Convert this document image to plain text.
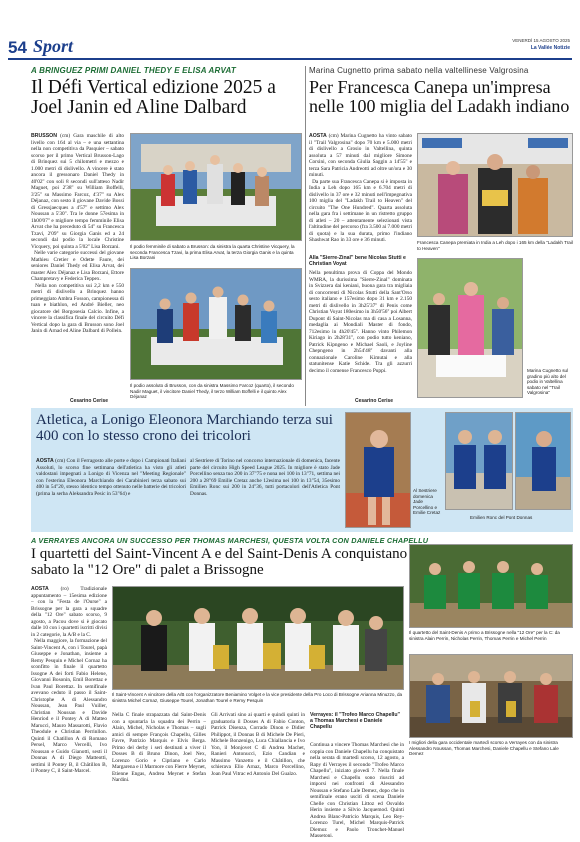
54 Sport	VENERDÌ 15 AGOSTO 2025
La Vallée Notizie
A BRINGUEZ PRIMI DANIEL THEDY E ELISA ARVAT
Il Défi Vertical edizione 2025 a Joel Janin ed Aline Dalbard
BRUSSON (cm) Gara maschile di alto livello con 164 al via – e una settantina nella non competitiva da Pasquier – sabato scorso per il primo Vertical Brusson-Lago di Brinquez sui 5 chilometri e mezzo e 1.000 metri di dislivello. A vincere è stato ancora il gressonaro Daniel Thedy in 40'02'' con soli 8 secondi sull'atteso Nadir Maguet, poi 2'38'' su William Boffelli, 3'25'' su Massimo Farcoz, 4'37'' su Alex Déjanaz, con sesto il giovane Davide Bossi di Gressjaecques a 4'57'' e settimo Alex Noussan a 5'30''. Tra le donne 57esima in 1h00'07'' e migliore tempo femminile Elisa Arvat che ha preceduto di 54'' su Francesca Tzavi, 2'09'' su Giorgia Ganis ed a 24 secondi dal podio la locale Christine Vicquery, poi quinta a 5'02'' Lisa Borzani.
Nelle varie categorie successi del giovane Mathieu Cretier e Odette Faure, dei seniores Daniel Thedy ed Elisa Arvat, dei master Alex Déjanaz e Lisa Borzani, Ettore Champretavy e Federica Teppex.
Nella non competitiva sui 2,2 km e 550 metri di dislivello a Brinquez hanno primeggiato Ambra Fosson, campionessa di tuan e biathlon, ed André Bieller, neo giocatore del Borgosesia Calcio. Infine, a vincere la classifica finale del circuito Défi Vertical dopo la gara di Brusson sono Joel Janin di Arnad ed Aline Dalbard di Pollein.
Cesarino Cerise
Il podio femminile di sabato a Brusson: da sinistra la quarta Christine Vicquery, la seconda Francesca Tzavi, la prima Elisa Arvat, la terza Giorgia Ganis e la quinta Lisa Borzani
Il podio assoluto di Brusson, con da sinistra Massimo Farcoz (quarto), il secondo Nadir Maguet, il vincitore Daniel Thedy, il terzo William Boffelli e il quinto Alex Déjanaz
Marina Cugnetto prima sabato nella valtellinese Valgrosina
Per Francesca Canepa un'impresa nelle 100 miglia del Ladakh indiano
AOSTA (cm) Marina Cugnetto ha vinto sabato il "Trail Valgrosina" dopo 70 km e 5.000 metri di dislivello a Grosio in Valtellina, quinta assoluta a 57 minuti dal migliore Simone Corsini, con seconda Giulia Saggin a 14'55'' e terza Sara Patricia Andreotti ad oltre un'ora e 30 minuti.
Da parte sua Francesca Canepa si è imposta in India a Leh dopo 165 km e 6.704 metri di dislivello in 37 ore e 32 minuti nell'impegnativa 100 miglia del "Ladakh Trail to Heaven" del circuito "The One Hundred". Quarta assoluta nella gara fra i settimane in un ristretto gruppo di atleti – 20 – attentamente selezionati vista l'altitudine del percorso (fra 3.500 ai 7.000 metri di quota) e la sua durata, primo l'indiano Shashwat Rao in 33 ore e 36 minuti.
Alla "Sierre-Zinal" bene Nicolas Stutti e Christian Voyat
Nella penultima prova di Coppa del Mondo WMRA, la durissima "Sierre-Zinal" dominata in Svizzera dai keniani, buona gara tra migliaia di concorrenti di Nicolas Stutti della Sant'Orso sesto italiano e 157esimo dopo 31 km e 2.150 metri di dislivello in 3h25'37'' di Penis come Christian Voyat 180esimo in 3h50'56'' poi Albert Dupont di Saint-Nicolas ma di casa a Losanna, medaglia ai Mondiali Master di fondo, 712esimo in 4h20'45''. Hanno vinto Philemon Kiriago in 2h28'31'', con podio tutto keniano, Patrick Kipngeno e Michael Saoli, e Joyline Chepngeno in 2h54'48'' davanti alla connazionale Caroline Kimutai e alla statunitense Katie Schide. Tra gli azzurri decimo il comense Francesco Puppi.
Cesarino Cerise
Francesca Canepa premiata in India a Leh dopo i 165 km della "Ladakh Trail to Heaven"
Marina Cugnetto sul gradino più alto del podio in Valtellina sabato nel "Trail Valgrosina"
Atletica, a Lonigo Eleonora Marchiando terza sui 400 con lo stesso crono dei tricolori
AOSTA (cm) Con il Ferragosto alle porte e dopo i Campionati Italiani Assoluti, lo scorso fine settimana dell'atletica ha visto gli atleti valdostani impegnati a Lonigo di Vicenza nel "Meeting Regionale" con l'esterina Eleonora Marchiando dei Carabinieri terza sabato sui 400 in 54"20, stesso identico tempo ottenuto nelle batterie dei tricolori (prima la serba Aleksandra Pesic in 53"64) e
al Sestriere di Torino nel concorso internazionale di domenica, facente parte del circuito High Speed League 2025. In migliore è stato Jade Porcellino senza tuo 200 in 37"75 e nona nei 100 in 13"71, settima nei 200 a 28"69 Emilie Cretaz anche 12esima nei 100 in 13"54, 35esimo Emilien Ronc sui 200 in 24"36, tutti portacolori dell'Atletica Pont Donnas.	Al Sestriere domenica Jade Porcellino e Emilie Cretaz
Emilien Ronc del Pont Donnas
A VERRAYES ANCORA UN SUCCESSO PER THOMAS MARCHESI, QUESTA VOLTA CON DANIELE CHAPELLU
I quartetti del Saint-Vincent A e del Saint-Denis A conquistano sabato la "12 Ore" di palet a Brissogne
AOSTA (ro) Tradizionale appuntamento – 15esima edizione – con la "Festa de l'Ourse" a Brissogne per la gara a squadre della "12 Ore" sabato scorso, 9 agosto, a Pacou dove si è giocato dalle 10 con i quartetti iscritti divisi in 2 categorie, la A/B e la C.
Nella maggiore, la formazione del Saint-Vincent A, con i Tourel, papà Giuseppe e Jonathan, insieme a Remy Pesquin e Michel Cornaz ha sconfitto in finale il quartetto Issogne A dei forti Fabio Helene, Giovanni Bosonin, Emil Borettaz e Ivan Paul Borettaz. In semifinale avevano ceduto il passo il Saint-Christophe A di Alessandro Noussan, Jean Paul Vuiller, Christian Noussan e Davide Henriod e il Pontey A di Matteo Marucci, Mauro Massarotti, Flavio Theodule e Christian Perrinllon. Quinti il Chatillon A di Romano Persel, Marco Vercelli, Ivo Noussan e Guido Gianotti, sesti il Donnas A di Diego Matteotti, settimi il Pontey B, il Châtillon B, il Pontey C, il Saint-Marcel.
Il Saint-Vincent A vincitore della A/B con l'organizzatore Beniamino Volget e la vice presidente della Pro Loco di Brissogne Arianna Minuzzo, da sinistra Michel Cornaz, Giuseppe Tourel, Jonathan Tourel e Remy Pesquin
Nella C finale strapazzata dal Saint-Denis con a spuntarla la squadra dei Perrin – Alain, Michel, Nicholas e Thomas – sugli amici di sempre François Chapellu, Gilles Favre, Patrizio Marquis e Elvis Berga. Primo del derby i seri destinati a viver il Dosses B di Bruno Dinon, Joel Nex, Lorenzo Gorio e Cipriano e Carlo Margarena e il Marmore con Fierre Meynet, Etienne Engas, Andrea Meynet e Stefan Nardini.
Gli Arrivati sino ai quarti e quindi quinti in graduatoria il Dosses A di Fabio Conton, Patrick Disenza, Corrado Dinon e Didier Philippot, il Donnas B di Michele De Pieri, Michele Bonzenigo, Luca Chiallancia e Ivo Yon, il Monjovet C di Andrea Machet, Ranieri Antonucci, Ezio Candian e Massimo Vanzetto e il Châtillon, che schierava Elio Arnaz, Marco Porcellino, Joan Paul Vitrac ed Antonio Del Gualzo.
Verrayes: il "Trofeo Marco Chapellu" a Thomas Marchesi e Daniele Chapellu
Continua a vincere Thomas Marchesi che in coppia con Daniele Chapellu ha conquistato nella serata di martedì scorso, 12 agosto, a Rapy di Verrayes il secondo "Trofeo Marco Chapellu", iniziato giovedì 7. Nella finale Marchesi e Chapellu sono riusciti ad imporsi nei confronti di Alessandro Noussan e Stefano Lale Demez, dopo che in semifinale erano usciti di scena Daniele Chelle con Christian Littoz ed Osvaldo Herin insieme a Silvio Jacquemod. Quinti Andrea Blanc-Patricio Marquis, Leo Rey-Lorenzo Turel, Michel Marquis-Patrick Diemoz e Paolo Tronchet-Manuel Massetoni.
Il quartetto del Saint-Denis A primo a Brissogne nella "12 Ore" per la C: da sinistra Alain Perrin, Nicholas Perrin, Thomas Perrin e Michel Perrin
I migliori della gara occidentale martedì scorso a Verrayes con da sinistra Alessandro Noussan, Thomas Marchesi, Daniele Chapellu e Stefano Lale Demez
